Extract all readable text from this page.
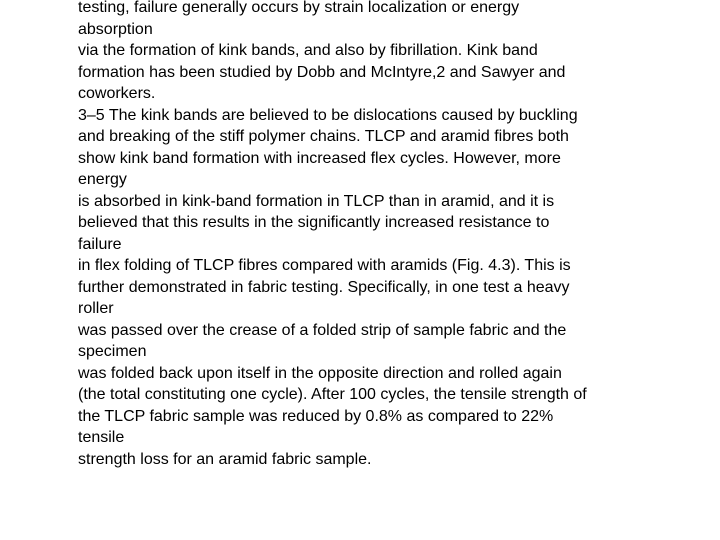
testing, failure generally occurs by strain localization or energy
absorption
via the formation of kink bands, and also by fibrillation. Kink band
formation has been studied by Dobb and McIntyre,2 and Sawyer and
coworkers.
3–5 The kink bands are believed to be dislocations caused by buckling
and breaking of the stiff polymer chains. TLCP and aramid fibres both
show kink band formation with increased flex cycles. However, more
energy
is absorbed in kink-band formation in TLCP than in aramid, and it is
believed that this results in the significantly increased resistance to
failure
in flex folding of TLCP fibres compared with aramids (Fig. 4.3). This is
further demonstrated in fabric testing. Specifically, in one test a heavy
roller
was passed over the crease of a folded strip of sample fabric and the
specimen
was folded back upon itself in the opposite direction and rolled again
(the total constituting one cycle). After 100 cycles, the tensile strength of
the TLCP fabric sample was reduced by 0.8% as compared to 22%
tensile
strength loss for an aramid fabric sample.
